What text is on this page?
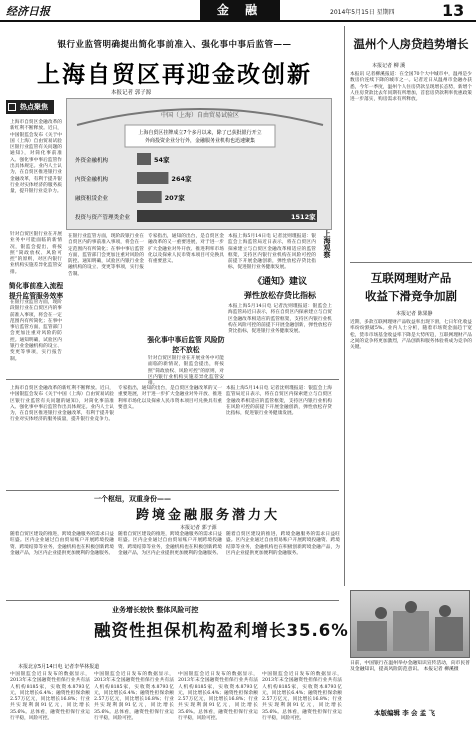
经济日报	金 融	2014年5月15日 星期四	13
银行业监管明确提出简化事前准入、强化事中事后监管——
上海自贸区再迎金改创新
本报记者 郭子源
热点聚焦
中国（上海）自由贸易试验区
上海自贸区挂牌成立7个多月以来，除了已获批银行开立
外商投资企业分行外，金融服务业机构也迅速聚集
外资金融机构	54家
内资金融机构	264家
融资租赁企业	207家
投资与资产管理类企业	1512家
上海市自贸区金融改革的新红利不断释放。近日，中国银监会发布《关于中国（上海）自由贸易试验区银行业监管有关问题的通知》，对简化事前准入、强化事中事后监管作出具体规定。业内人士认为，在自贸区推进银行业金融改革，有利于提升银行业对实体经济的服务质量，提升银行业竞争力。
针对自贸区银行业在开展业务中可能面临的新情况，银监会提出，将按照“简政放权、风险可控”的原则，对区内银行业机构实施差异化监管安排。
简化事前准入流程 提升监管服务效率
在银行业监管方面，现阶段银行业在自贸区内的事前准入事项，将会在一定范围内有所简化；在事中事后监管方面，监管部门会更加注重对风险的防控。通知明确，试验区内银行业金融机构的设立、变更等事项，实行报告制。
在银行业监管方面，现阶段银行业在自贸区内的事前准入事项，将会在一定范围内有所简化；在事中事后监管方面，监管部门会更加注重对风险的防控。通知明确，试验区内银行业金融机构的设立、变更等事项，实行报告制。
强化事中事后监管 风险防控不放松
专家指出，通知的出台，是自贸区金融改革的又一重要进展，对于进一步扩大金融业对外开放、推进利率市场化以及探索人民币资本项目可兑换具有重要意义。
针对自贸区银行业在开展业务中可能面临的新情况，银监会提出，将按照“简政放权、风险可控”的原则，对区内银行业机构实施差异化监管安排。
上海观察
本报上海5月14日电 记者沈则瑾报道：银监会上海监管局近日表示，将在自贸区内探索建立与自贸区金融改革相适应的监管框架，支持区内银行业机构在风险可控的前提下开展金融创新，弹性放松存贷比指标，促进银行业务健康发展。
《通知》建议
弹性放松存贷比指标
本报上海5月14日电 记者沈则瑾报道：银监会上海监管局近日表示，将在自贸区内探索建立与自贸区金融改革相适应的监管框架，支持区内银行业机构在风险可控的前提下开展金融创新，弹性放松存贷比指标，促进银行业务健康发展。
温州个人房贷趋势增长
本报记者 柳 溪
本报讯 记者柳溪报道：在全国70个大中城市中，温州是少数房价连续下降的城市之一。记者近日从温州市金融办获悉，今年一季度，温州个人住房贷款呈现增长态势，新增个人住房贷款比去年同期有所增加，首套房贷款利率优惠政策进一步落实，购房需求有所释放。
互联网理财产品
收益下滑竞争加剧
本报记者 陈果静
近期，多款互联网理财产品收益率出现下滑，七日年化收益率纷纷跌破5%。业内人士分析，随着市场资金面趋于宽松，货币市场基金收益率下降是大势所趋，互联网理财产品之间的竞争将更加激烈，产品创新和服务体验将成为竞争的关键。
上海市自贸区金融改革的新红利不断释放。近日，中国银监会发布《关于中国（上海）自由贸易试验区银行业监管有关问题的通知》，对简化事前准入、强化事中事后监管作出具体规定。业内人士认为，在自贸区推进银行业金融改革，有利于提升银行业对实体经济的服务质量，提升银行业竞争力。
专家指出，通知的出台，是自贸区金融改革的又一重要进展，对于进一步扩大金融业对外开放、推进利率市场化以及探索人民币资本项目可兑换具有重要意义。
本报上海5月14日电 记者沈则瑾报道：银监会上海监管局近日表示，将在自贸区内探索建立与自贸区金融改革相适应的监管框架，支持区内银行业机构在风险可控的前提下开展金融创新，弹性放松存贷比指标，促进银行业务健康发展。
一个枢纽，双重身份——
跨境金融服务潜力大
本报记者 郭子源
随着自贸区建设的推进，跨境金融服务的需求日益旺盛。区内企业通过自由贸易账户开展跨境投融资、跨境结算等业务，金融机构也在积极创新跨境金融产品，为区内企业提供更加便利的金融服务。
随着自贸区建设的推进，跨境金融服务的需求日益旺盛。区内企业通过自由贸易账户开展跨境投融资、跨境结算等业务，金融机构也在积极创新跨境金融产品，为区内企业提供更加便利的金融服务。
随着自贸区建设的推进，跨境金融服务的需求日益旺盛。区内企业通过自由贸易账户开展跨境投融资、跨境结算等业务，金融机构也在积极创新跨境金融产品，为区内企业提供更加便利的金融服务。
业务增长较快 整体风险可控
融资性担保机构盈利增长35.6%
本报北京5月14日电 记者李华林报道
中国银监会近日发布的数据显示，2013年末全国融资性担保行业共有法人机构8185家，实收资本8793亿元，同比增长6.4%；融资性担保余额2.57万亿元，同比增长16.8%；行业共实现利润91亿元，同比增长35.6%。总体看，融资性担保行业运行平稳，风险可控。
中国银监会近日发布的数据显示，2013年末全国融资性担保行业共有法人机构8185家，实收资本8793亿元，同比增长6.4%；融资性担保余额2.57万亿元，同比增长16.8%；行业共实现利润91亿元，同比增长35.6%。总体看，融资性担保行业运行平稳，风险可控。
中国银监会近日发布的数据显示，2013年末全国融资性担保行业共有法人机构8185家，实收资本8793亿元，同比增长6.4%；融资性担保余额2.57万亿元，同比增长16.8%；行业共实现利润91亿元，同比增长35.6%。总体看，融资性担保行业运行平稳，风险可控。
中国银监会近日发布的数据显示，2013年末全国融资性担保行业共有法人机构8185家，实收资本8793亿元，同比增长6.4%；融资性担保余额2.57万亿元，同比增长16.8%；行业共实现利润91亿元，同比增长35.6%。总体看，融资性担保行业运行平稳，风险可控。
日前，中国银行在温州举办金融知识宣传活动，向市民普及金融知识，提高风险防范意识。 本报记者 柳溪摄
本版编辑 李 会 孟 飞
